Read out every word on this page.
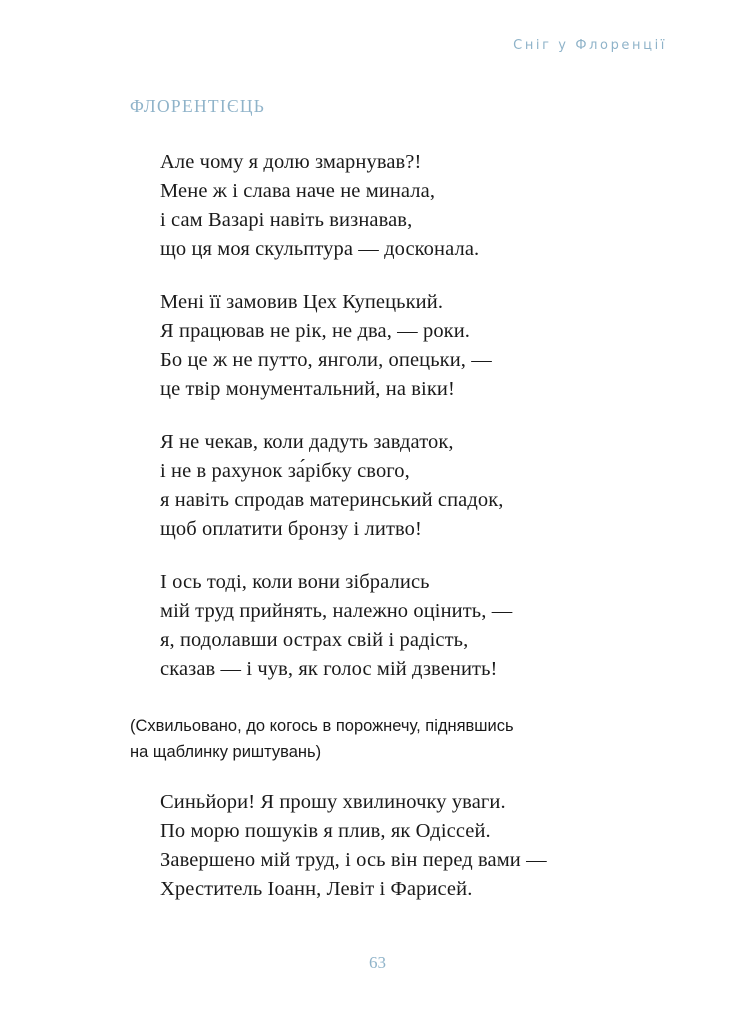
Сніг у Флоренції
ФЛОРЕНТІЄЦЬ

Але чому я долю змарнував?!
Мене ж і слава наче не минала,
і сам Вазарі навіть визнавав,
що ця моя скульптура — досконала.

Мені її замовив Цех Купецький.
Я працював не рік, не два, — роки.
Бо це ж не путто, янголи, опецьки, —
це твір монументальний, на віки!

Я не чекав, коли дадуть завдаток,
і не в рахунок за́рібку свого,
я навіть спродав материнський спадок,
щоб оплатити бронзу і литво!

І ось тоді, коли вони зібрались
мій труд прийнять, належно оцінить, —
я, подолавши острах свій і радість,
сказав — і чув, як голос мій дзвенить!

(Схвильовано, до когось в порожнечу, піднявшись
на щаблинку риштувань)

Синьйори! Я прошу хвилиночку уваги.
По морю пошуків я плив, як Одіссей.
Завершено мій труд, і ось він перед вами —
Хреститель Іоанн, Левіт і Фарисей.

63
